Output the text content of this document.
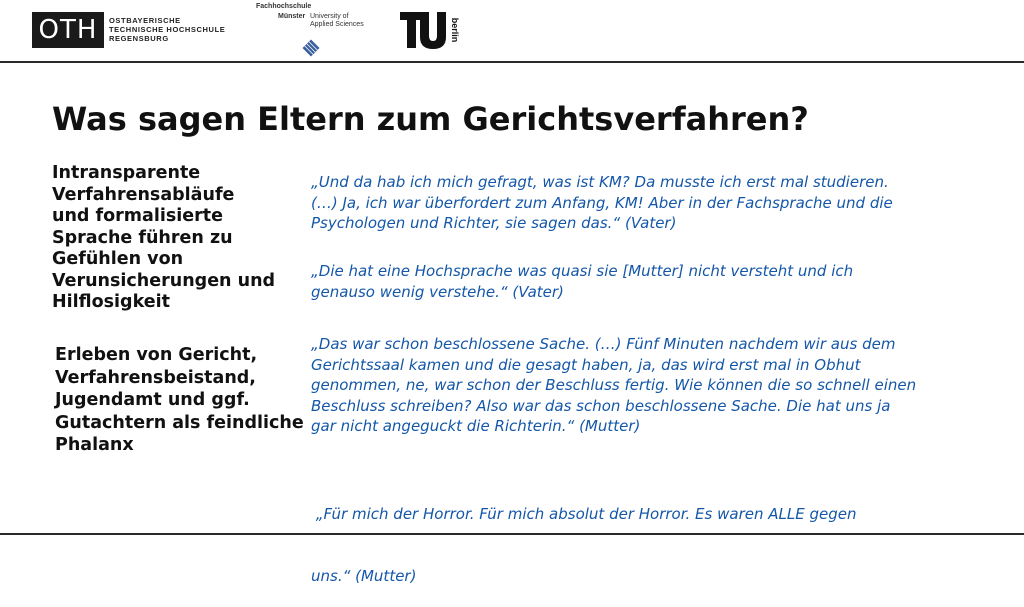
OTH OSTBAYERISCHE
TECHNISCHE HOCHSCHULE
REGENSBURG
Fachhochschule
Münster University of
Applied Sciences	berlin
Was sagen Eltern zum Gerichtsverfahren?
Intransparente
Verfahrensabläufe
und formalisierte
Sprache führen zu
Gefühlen von
Verunsicherungen und
Hilflosigkeit
Erleben von Gericht,
Verfahrensbeistand,
Jugendamt und ggf.
Gutachtern als feindliche
Phalanx
„Und da hab ich mich gefragt, was ist KM? Da musste ich erst mal studieren.
(…) Ja, ich war überfordert zum Anfang, KM! Aber in der Fachsprache und die
Psychologen und Richter, sie sagen das.“ (Vater)
„Die hat eine Hochsprache was quasi sie [Mutter] nicht versteht und ich
genauso wenig verstehe.“ (Vater)
„Das war schon beschlossene Sache. (…) Fünf Minuten nachdem wir aus dem
Gerichtssaal kamen und die gesagt haben, ja, das wird erst mal in Obhut
genommen, ne, war schon der Beschluss fertig. Wie können die so schnell einen
Beschluss schreiben? Also war das schon beschlossene Sache. Die hat uns ja
gar nicht angeguckt die Richterin.“ (Mutter)

„Für mich der Horror. Für mich absolut der Horror. Es waren ALLE gegen

uns.“ (Mutter)
